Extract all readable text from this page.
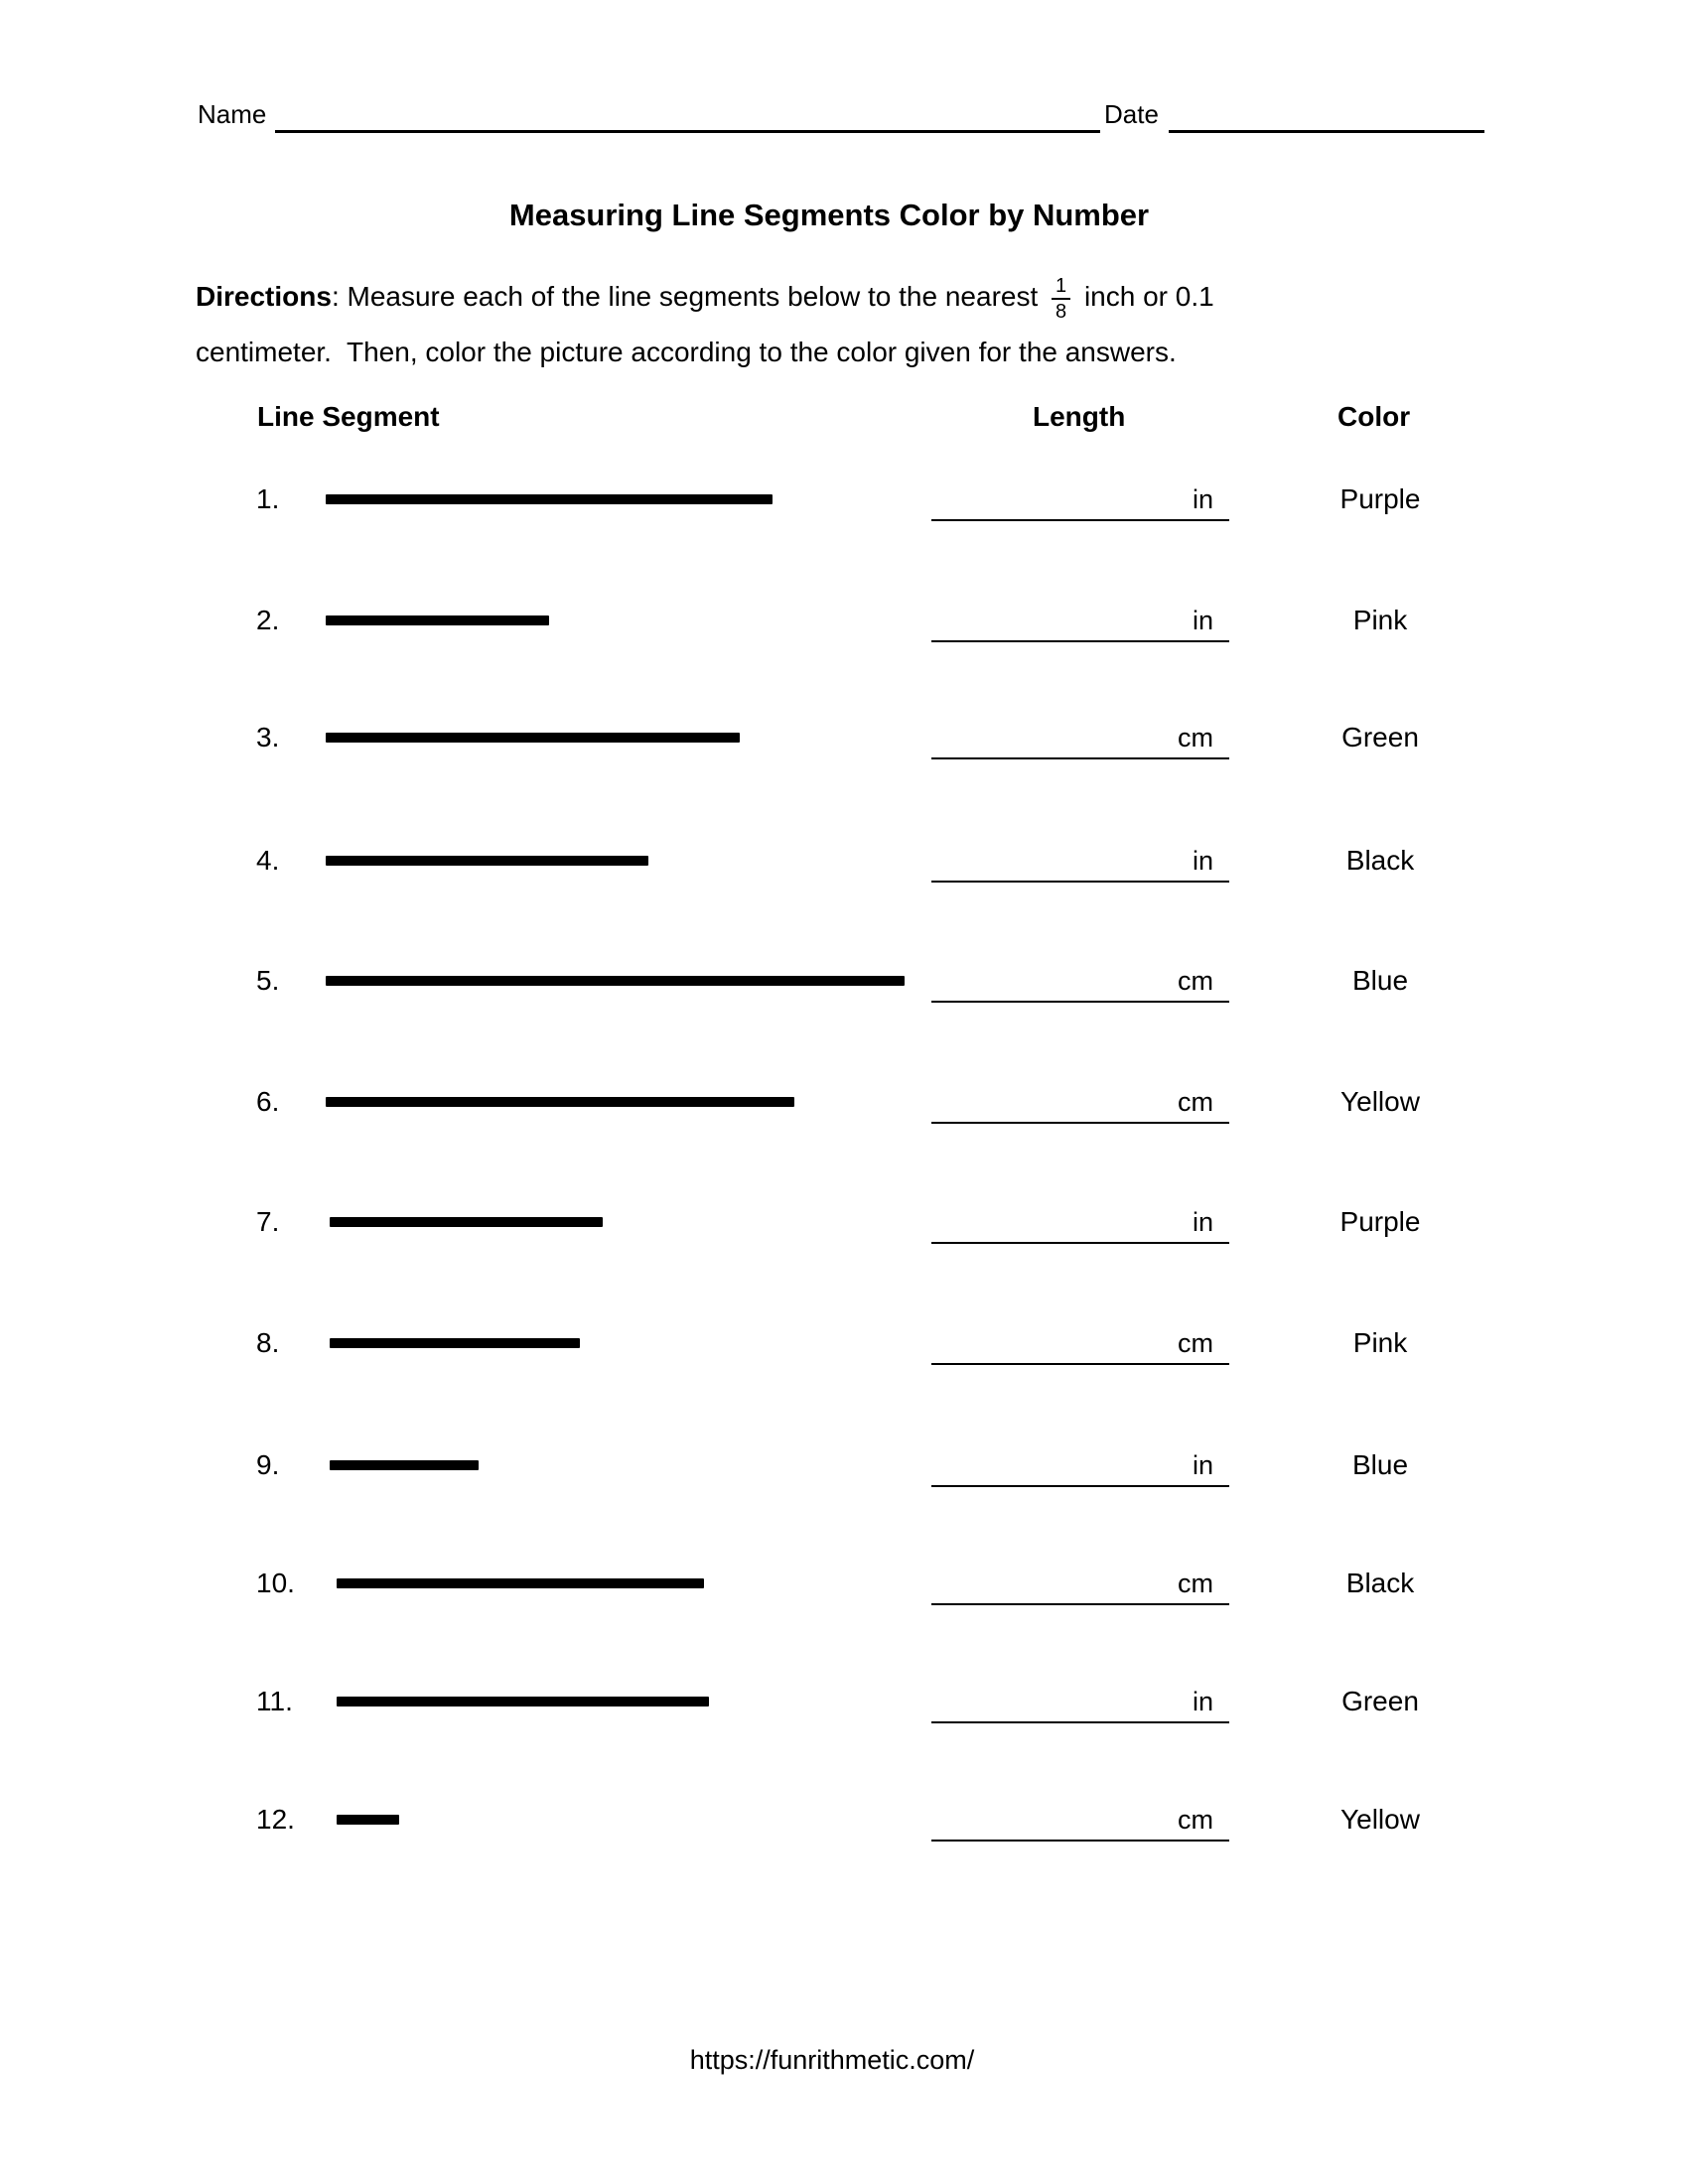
Name	Date
Measuring Line Segments Color by Number

Directions: Measure each of the line segments below to the nearest $\frac{1}{8}$ inch or 0.1

centimeter.  Then, color the picture according to the color given for the answers.

Line Segment	Length	Color
1.	in	Purple
2.	in	Pink
3.	cm	Green
4.	in	Black
5.	cm	Blue
6.	cm	Yellow
7.	in	Purple
8.	cm	Pink
9.	in	Blue
10.	cm	Black
11.	in	Green
12.	cm	Yellow
https://funrithmetic.com/
